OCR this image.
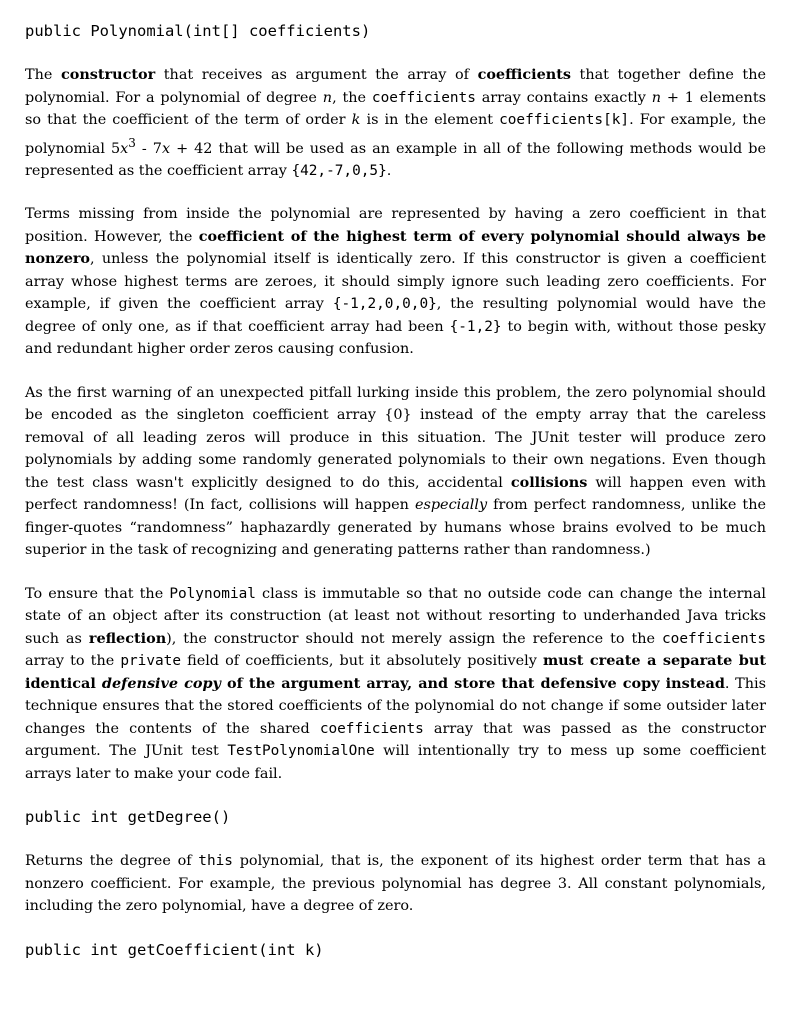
public Polynomial(int[] coefficients)

The constructor that receives as argument the array of coefficients that together define the polynomial. For a polynomial of degree n, the coefficients array contains exactly n + 1 elements so that the coefficient of the term of order k is in the element coefficients[k]. For example, the polynomial $5x^3 - 7x + 42$ that will be used as an example in all of the following methods would be represented as the coefficient array {42,-7,0,5}.

Terms missing from inside the polynomial are represented by having a zero coefficient in that position. However, the coefficient of the highest term of every polynomial should always be nonzero, unless the polynomial itself is identically zero. If this constructor is given a coefficient array whose highest terms are zeroes, it should simply ignore such leading zero coefficients. For example, if given the coefficient array {-1,2,0,0,0}, the resulting polynomial would have the degree of only one, as if that coefficient array had been {-1,2} to begin with, without those pesky and redundant higher order zeros causing confusion.

As the first warning of an unexpected pitfall lurking inside this problem, the zero polynomial should be encoded as the singleton coefficient array {0} instead of the empty array that the careless removal of all leading zeros will produce in this situation. The JUnit tester will produce zero polynomials by adding some randomly generated polynomials to their own negations. Even though the test class wasn't explicitly designed to do this, accidental collisions will happen even with perfect randomness! (In fact, collisions will happen especially from perfect randomness, unlike the finger-quotes “randomness” haphazardly generated by humans whose brains evolved to be much superior in the task of recognizing and generating patterns rather than randomness.)

To ensure that the Polynomial class is immutable so that no outside code can change the internal state of an object after its construction (at least not without resorting to underhanded Java tricks such as reflection), the constructor should not merely assign the reference to the coefficients array to the private field of coefficients, but it absolutely positively must create a separate but identical defensive copy of the argument array, and store that defensive copy instead. This technique ensures that the stored coefficients of the polynomial do not change if some outsider later changes the contents of the shared coefficients array that was passed as the constructor argument. The JUnit test TestPolynomialOne will intentionally try to mess up some coefficient arrays later to make your code fail.

public int getDegree()

Returns the degree of this polynomial, that is, the exponent of its highest order term that has a nonzero coefficient. For example, the previous polynomial has degree 3. All constant polynomials, including the zero polynomial, have a degree of zero.

public int getCoefficient(int k)
